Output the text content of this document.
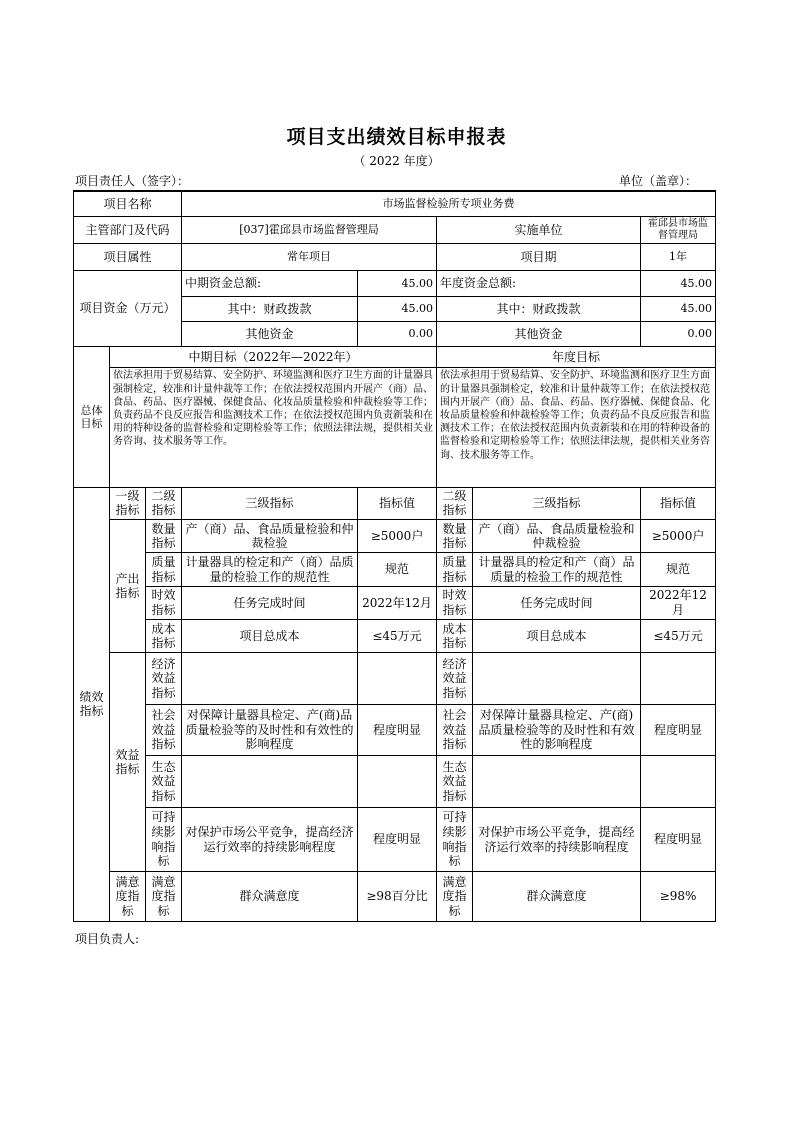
项目支出绩效目标申报表
（ 2022 年度）
项目责任人（签字）：	单位（盖章）：
项目名称			市场监督检验所专项业务费				
主管部门及代码			[037]霍邱县市场监督管理局		实施单位		霍邱县市场监督管理局
项目属性			常年项目		项目期		1年
项目资金（万元）			中期资金总额:	45.00	年度资金总额:		45.00
			其中：财政拨款	45.00	其中：财政拨款		45.00
			其他资金	0.00	其他资金		0.00
总体目标	中期目标（2022年—2022年）				年度目标		
	依法承担用于贸易结算、安全防护、环境监测和医疗卫生方面的计量器具强制检定，较准和计量仲裁等工作；在依法授权范围内开展产（商）品、食品、药品、医疗器械、保健食品、化妆品质量检验和仲裁检验等工作；负责药品不良反应报告和监测技术工作；在依法授权范围内负责新装和在用的特种设备的监督检验和定期检验等工作；依照法律法规，提供相关业务咨询、技术服务等工作。				依法承担用于贸易结算、安全防护、环境监测和医疗卫生方面的计量器具强制检定，较准和计量仲裁等工作；在依法授权范围内开展产（商）品、食品、药品、医疗器械、保健食品、化妆品质量检验和仲裁检验等工作；负责药品不良反应报告和监测技术工作；在依法授权范围内负责新装和在用的特种设备的监督检验和定期检验等工作；依照法律法规，提供相关业务咨询、技术服务等工作。		
绩效指标	一级指标	二级指标	三级指标	指标值	二级指标	三级指标	指标值
	产出指标	数量指标	产（商）品、食品质量检验和仲裁检验	≥5000户	数量指标	产（商）品、食品质量检验和仲裁检验	≥5000户
		质量指标	计量器具的检定和产（商）品质量的检验工作的规范性	规范	质量指标	计量器具的检定和产（商）品质量的检验工作的规范性	规范
		时效指标	任务完成时间	2022年12月	时效指标	任务完成时间	2022年12月
		成本指标	项目总成本	≤45万元	成本指标	项目总成本	≤45万元
	效益指标	经济效益指标			经济效益指标		
		社会效益指标	对保障计量器具检定、产(商)品质量检验等的及时性和有效性的影响程度	程度明显	社会效益指标	对保障计量器具检定、产(商)品质量检验等的及时性和有效性的影响程度	程度明显
		生态效益指标			生态效益指标		
		可持续影响指标	对保护市场公平竞争，提高经济运行效率的持续影响程度	程度明显	可持续影响指标	对保护市场公平竞争，提高经济运行效率的持续影响程度	程度明显
	满意度指标	满意度指标	群众满意度	≥98百分比	满意度指标	群众满意度	≥98%
项目负责人:
